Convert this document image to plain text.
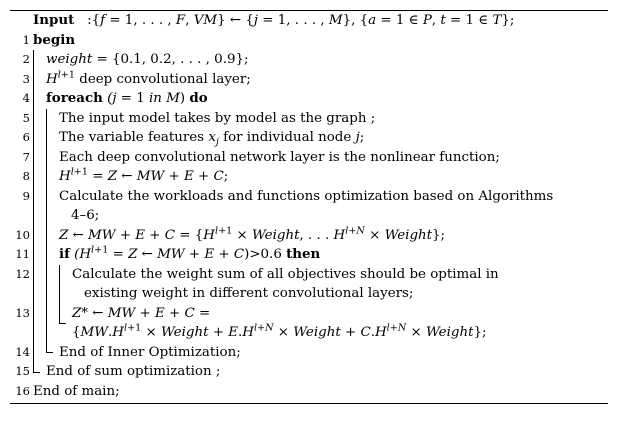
	Input   :{f = 1, . . . , F, VM} ← {j = 1, . . . , M}, {a = 1 ∈ P, t = 1 ∈ T};

1	begin

2	weight = {0.1, 0.2, . . . , 0.9};

3	$H^{l+1}$ deep convolutional layer;

4	foreach (j = 1 in M) do

5	The input model takes by model as the graph ;

6	The variable features $x_j$ for individual node j;

7	Each deep convolutional network layer is the nonlinear function;

8	$H^{l+1} = Z$ ← MW + E + C;

9	Calculate the workloads and functions optimization based on Algorithms
4–6;

10	Z ← MW + $E + C = \{H^{l+1}$ × Weight, . . . $H^{l+N}$ × Weight};

11	if ($H^{l+1} = Z$ ← MW + E + C)>0.6 then

12	Calculate the weight sum of all objectives should be optimal in
existing weight in different convolutional layers;

13	Z* ← MW + E + C =
{$MW.H^{l+1}$ × Weight + $E.H^{l+N}$ × Weight + $C.H^{l+N}$ × Weight};

14	End of Inner Optimization;

15	End of sum optimization ;

16	End of main;
